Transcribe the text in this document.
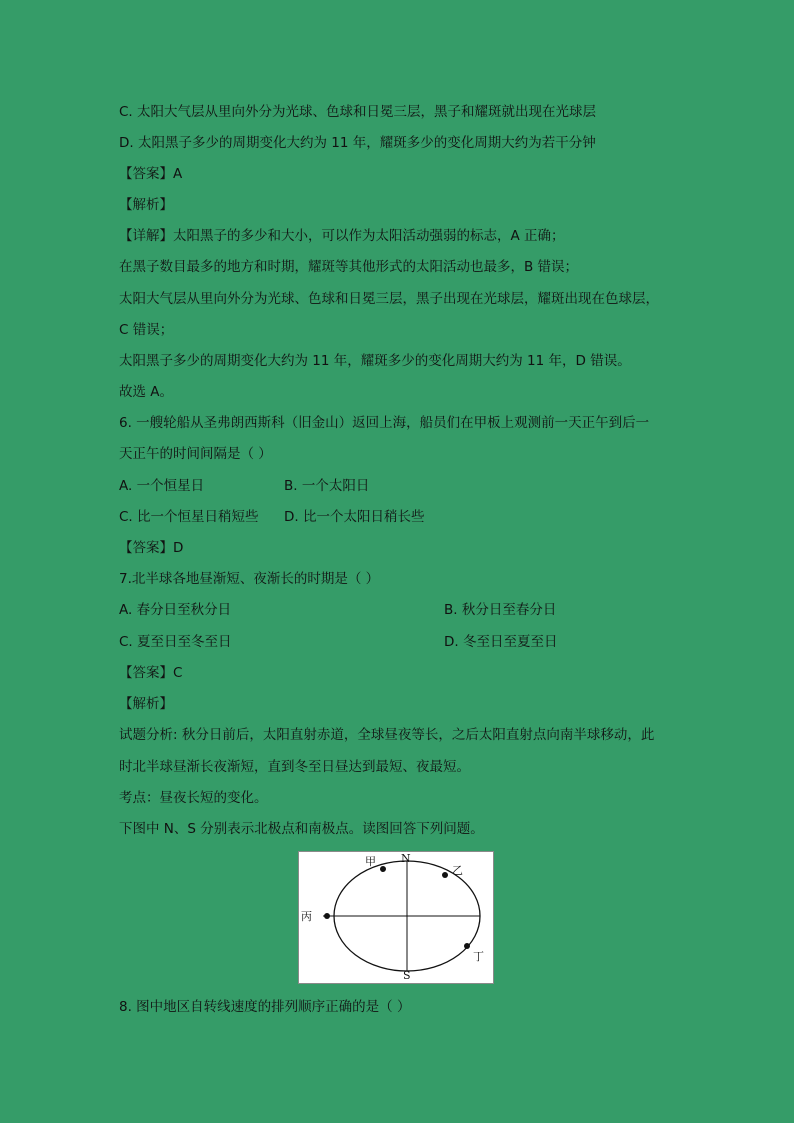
C. 太阳大气层从里向外分为光球、色球和日冕三层，黑子和耀斑就出现在光球层
D. 太阳黑子多少的周期变化大约为 11 年，耀斑多少的变化周期大约为若干分钟
【答案】A
【解析】
【详解】太阳黑子的多少和大小，可以作为太阳活动强弱的标志，A 正确；
在黑子数目最多的地方和时期，耀斑等其他形式的太阳活动也最多，B 错误；
太阳大气层从里向外分为光球、色球和日冕三层，黑子出现在光球层，耀斑出现在色球层，
C 错误；
太阳黑子多少的周期变化大约为 11 年，耀斑多少的变化周期大约为 11 年，D 错误。
故选 A。
6. 一艘轮船从圣弗朗西斯科（旧金山）返回上海，船员们在甲板上观测前一天正午到后一
天正午的时间间隔是（ ）
A. 一个恒星日	B. 一个太阳日
C. 比一个恒星日稍短些 D. 比一个太阳日稍长些
【答案】D
7.北半球各地昼渐短、夜渐长的时期是（ ）
A. 春分日至秋分日	B. 秋分日至春分日
C. 夏至日至冬至日	D. 冬至日至夏至日
【答案】C
【解析】
试题分析: 秋分日前后，太阳直射赤道，全球昼夜等长，之后太阳直射点向南半球移动，此
时北半球昼渐长夜渐短，直到冬至日昼达到最短、夜最短。
考点：昼夜长短的变化。
下图中 N、S 分别表示北极点和南极点。读图回答下列问题。
N
S
甲
乙
丙
丁
8. 图中地区自转线速度的排列顺序正确的是（ ）
